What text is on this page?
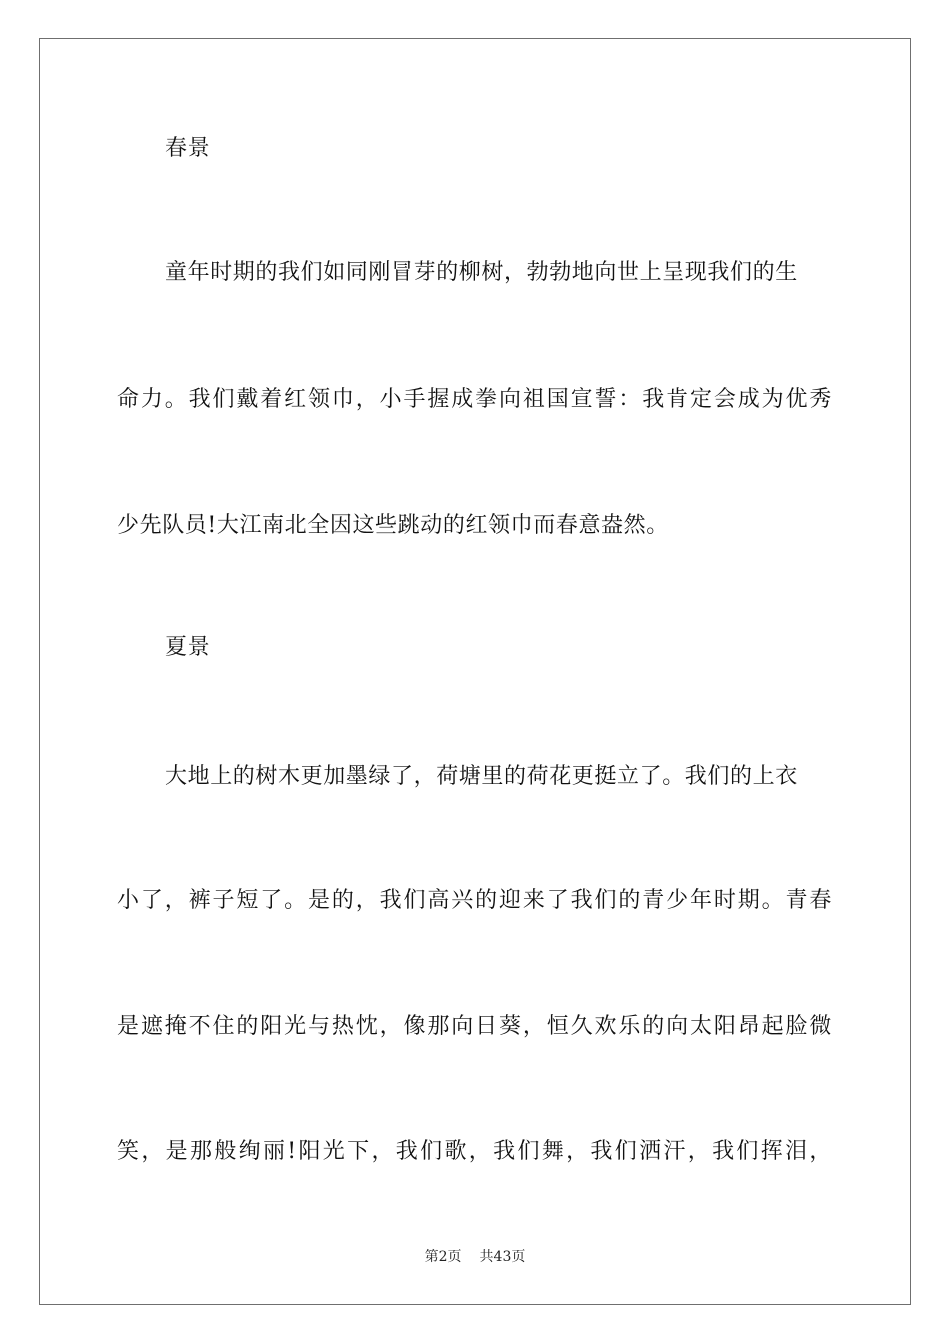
春景
童年时期的我们如同刚冒芽的柳树，勃勃地向世上呈现我们的生
命力。我们戴着红领巾，小手握成拳向祖国宣誓：我肯定会成为优秀
少先队员!大江南北全因这些跳动的红领巾而春意盎然。
夏景
大地上的树木更加墨绿了，荷塘里的荷花更挺立了。我们的上衣
小了，裤子短了。是的，我们高兴的迎来了我们的青少年时期。青春
是遮掩不住的阳光与热忱，像那向日葵，恒久欢乐的向太阳昂起脸微
笑，是那般绚丽!阳光下，我们歌，我们舞，我们洒汗，我们挥泪，
第2页 共43页
